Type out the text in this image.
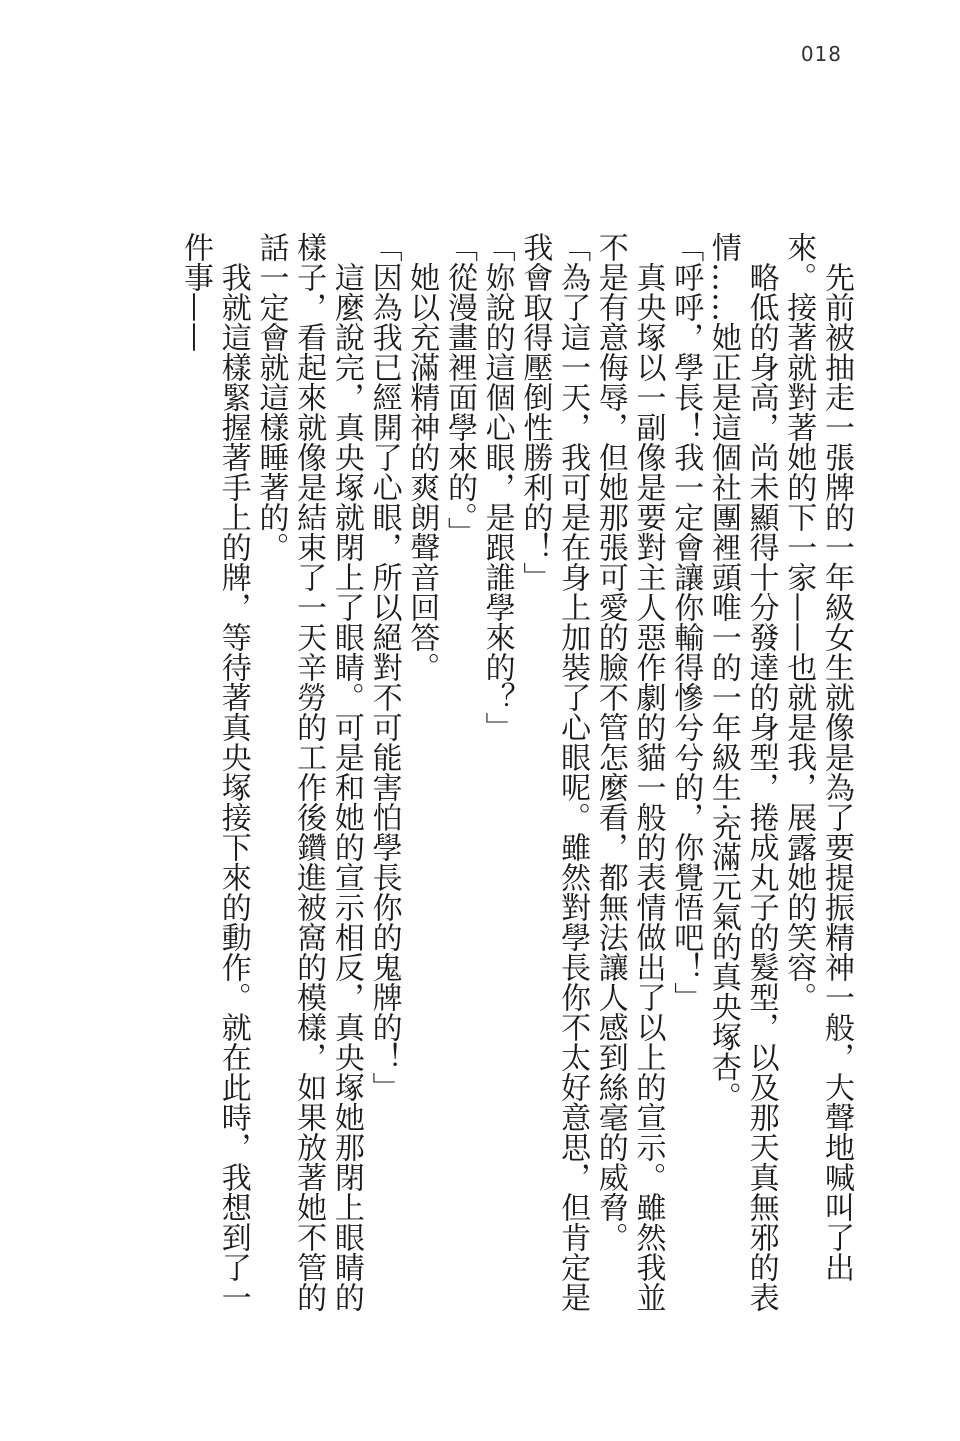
018

先前被抽走一張牌的一年級女生就像是為了要提振精神一般，大聲地喊叫了出來。接著就對著她的下一家——也就是我，展露她的笑容。

略低的身高，尚未顯得十分發達的身型，捲成丸子的髮型，以及那天真無邪的表情……她正是這個社團裡頭唯一的一年級生‧充滿元氣的真央塚杏。

「呼呼，學長！我一定會讓你輸得慘兮兮的，你覺悟吧！」

真央塚以一副像是要對主人惡作劇的貓一般的表情做出了以上的宣示。雖然我並不是有意侮辱，但她那張可愛的臉不管怎麼看，都無法讓人感到絲毫的威脅。

「為了這一天，我可是在身上加裝了心眼呢。雖然對學長你不太好意思，但肯定是我會取得壓倒性勝利的！」

「妳說的這個心眼，是跟誰學來的？」

「從漫畫裡面學來的。」

她以充滿精神的爽朗聲音回答。

「因為我已經開了心眼，所以絕對不可能害怕學長你的鬼牌的！」

這麼說完，真央塚就閉上了眼睛。可是和她的宣示相反，真央塚她那閉上眼睛的樣子，看起來就像是結束了一天辛勞的工作後鑽進被窩的模樣，如果放著她不管的話一定會就這樣睡著的。

我就這樣緊握著手上的牌，等待著真央塚接下來的動作。就在此時，我想到了一件事——
